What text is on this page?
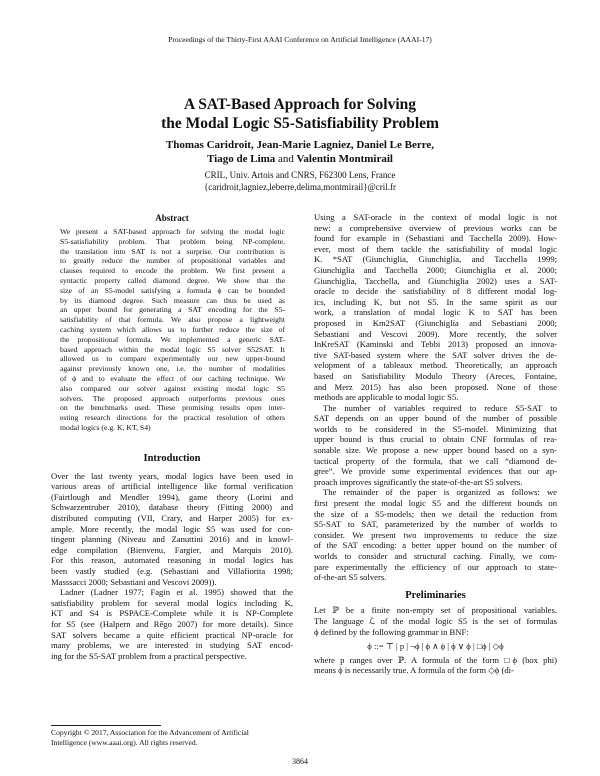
Proceedings of the Thirty-First AAAI Conference on Artificial Intelligence (AAAI-17)
A SAT-Based Approach for Solving
the Modal Logic S5-Satisfiability Problem
Thomas Caridroit, Jean-Marie Lagniez, Daniel Le Berre,
Tiago de Lima and Valentin Montmirail
CRIL, Univ. Artois and CNRS, F62300 Lens, France
{caridroit,lagniez,leberre,delima,montmirail}@cril.fr
Abstract
We present a SAT-based approach for solving the modal logic
S5-satisfiability problem. That problem being NP-complete,
the translation into SAT is not a surprise. Our contribution is
to greatly reduce the number of propositional variables and
clauses required to encode the problem. We first present a
syntactic property called diamond degree. We show that the
size of an S5-model satisfying a formula ϕ can be bounded
by its diamond degree. Such measure can thus be used as
an upper bound for generating a SAT encoding for the S5-
satisfiability of that formula. We also propose a lightweight
caching system which allows us to further reduce the size of
the propositional formula. We implemented a generic SAT-
based approach within the modal logic S5 solver S52SAT. It
allowed us to compare experimentally our new upper-bound
against previously known one, i.e. the number of modalities
of ϕ and to evaluate the effect of our caching technique. We
also compared our solver against existing modal logic S5
solvers. The proposed approach outperforms previous ones
on the benchmarks used. These promising results open inter-
esting research directions for the practical resolution of others
modal logics (e.g. K, KT, S4)
Introduction
Over the last twenty years, modal logics have been used in
various areas of artificial intelligence like formal verification
(Fairtlough and Mendler 1994), game theory (Lorini and
Schwarzentruber 2010), database theory (Fitting 2000) and
distributed computing (VII, Crary, and Harper 2005) for ex-
ample. More recently, the modal logic S5 was used for con-
tingent planning (Niveau and Zanuttini 2016) and in knowl-
edge compilation (Bienvenu, Fargier, and Marquis 2010).
For this reason, automated reasoning in modal logics has
been vastly studied (e.g. (Sebastiani and Villafiorita 1998;
Masssacci 2000; Sebastiani and Vescovi 2009)).
Ladner (Ladner 1977; Fagin et al. 1995) showed that the
satisfiability problem for several modal logics including K,
KT and S4 is PSPACE-Complete while it is NP-Complete
for S5 (see (Halpern and Rêgo 2007) for more details). Since
SAT solvers became a quite efficient practical NP-oracle for
many problems, we are interested in studying SAT encod-
ing for the S5-SAT problem from a practical perspective.
Copyright © 2017, Association for the Advancement of Artificial
Intelligence (www.aaai.org). All rights reserved.
Using a SAT-oracle in the context of modal logic is not
new: a comprehensive overview of previous works can be
found for example in (Sebastiani and Tacchella 2009). How-
ever, most of them tackle the satisfiability of modal logic
K. *SAT (Giunchiglia, Giunchiglia, and Tacchella 1999;
Giunchiglia and Tacchella 2000; Giunchiglia et al. 2000;
Giunchiglia, Tacchella, and Giunchiglia 2002) uses a SAT-
oracle to decide the satisfiability of 8 different modal log-
ics, including K, but not S5. In the same spirit as our
work, a translation of modal logic K to SAT has been
proposed in Km2SAT (Giunchiglia and Sebastiani 2000;
Sebastiani and Vescovi 2009). More recently, the solver
InKreSAT (Kaminski and Tebbi 2013) proposed an innova-
tive SAT-based system where the SAT solver drives the de-
velopment of a tableaux method. Theoretically, an approach
based on Satisfiability Modulo Theory (Areces, Fontaine,
and Merz 2015) has also been proposed. None of those
methods are applicable to modal logic S5.
The number of variables required to reduce S5-SAT to
SAT depends on an upper bound of the number of possible
worlds to be considered in the S5-model. Minimizing that
upper bound is thus crucial to obtain CNF formulas of rea-
sonable size. We propose a new upper bound based on a syn-
tactical property of the formula, that we call “diamond de-
gree”. We provide some experimental evidences that our ap-
proach improves significantly the state-of-the-art S5 solvers.
The remainder of the paper is organized as follows: we
first present the modal logic S5 and the different bounds on
the size of a S5-models; then we detail the reduction from
S5-SAT to SAT, parameterized by the number of worlds to
consider. We present two improvements to reduce the size
of the SAT encoding: a better upper bound on the number of
worlds to consider and structural caching. Finally, we com-
pare experimentally the efficiency of our approach to state-
of-the-art S5 solvers.
Preliminaries
Let ℙ be a finite non-empty set of propositional variables.
The language ℒ of the modal logic S5 is the set of formulas
ϕ defined by the following grammar in BNF:
ϕ ::= ⊤ | p | ¬ϕ | ϕ ∧ ϕ | ϕ ∨ ϕ | □ϕ | ◇ϕ
where p ranges over ℙ. A formula of the form □ϕ (box phi)
means ϕ is necessarily true. A formula of the form ◇ϕ (di-
3864
